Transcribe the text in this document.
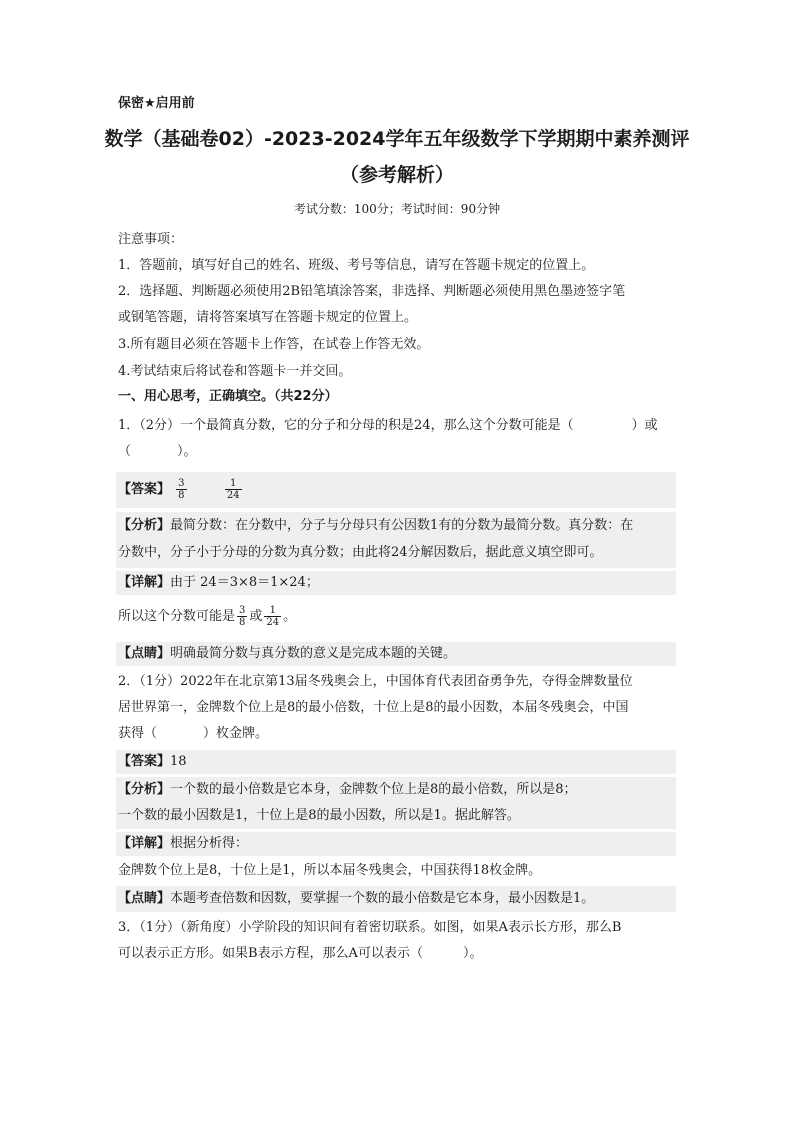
保密★启用前
数学（基础卷02）-2023-2024学年五年级数学下学期期中素养测评
（参考解析）
考试分数：100分；考试时间：90分钟
注意事项：
1．答题前，填写好自己的姓名、班级、考号等信息，请写在答题卡规定的位置上。
2．选择题、判断题必须使用2B铅笔填涂答案，非选择、判断题必须使用黑色墨迹签字笔
或钢笔答题，请将答案填写在答题卡规定的位置上。
3.所有题目必须在答题卡上作答，在试卷上作答无效。
4.考试结束后将试卷和答题卡一并交回。
一、用心思考，正确填空。（共22分）
1．（2分）一个最简真分数，它的分子和分母的积是24，那么这个分数可能是（	）或
（	）。
【答案】 $\frac{3}{8}$
	$\frac{1}{24}$
【分析】最简分数：在分数中，分子与分母只有公因数1有的分数为最简分数。真分数：在
分数中，分子小于分母的分数为真分数；由此将24分解因数后，据此意义填空即可。
【详解】由于 24＝3×8＝1×24；
所以这个分数可能是 $\frac{3}{8}$ 或 $\frac{1}{24}$ 。
【点睛】明确最简分数与真分数的意义是完成本题的关键。
2．（1分）2022年在北京第13届冬残奥会上，中国体育代表团奋勇争先，夺得金牌数量位
居世界第一，金牌数个位上是8的最小倍数，十位上是8的最小因数，本届冬残奥会，中国
获得（	）枚金牌。
【答案】18
【分析】一个数的最小倍数是它本身，金牌数个位上是8的最小倍数，所以是8；
一个数的最小因数是1，十位上是8的最小因数，所以是1。据此解答。
【详解】根据分析得：
金牌数个位上是8，十位上是1，所以本届冬残奥会，中国获得18枚金牌。
【点睛】本题考查倍数和因数，要掌握一个数的最小倍数是它本身，最小因数是1。
3．（1分）（新角度）小学阶段的知识间有着密切联系。如图，如果A表示长方形，那么B
可以表示正方形。如果B表示方程，那么A可以表示（	）。
